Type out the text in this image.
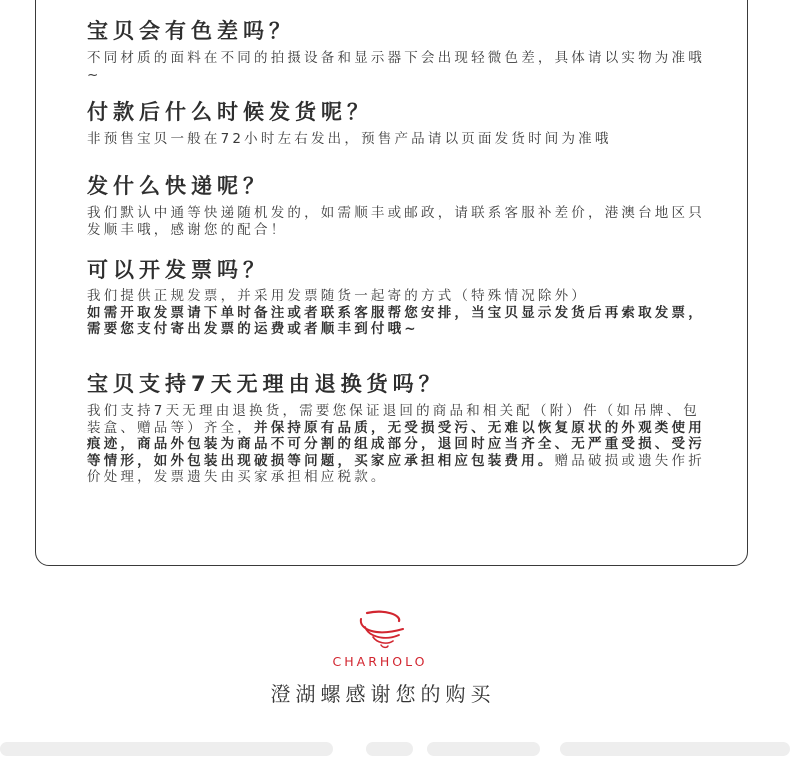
宝贝会有色差吗？

不同材质的面料在不同的拍摄设备和显示器下会出现轻微色差，具体请以实物为准哦~

付款后什么时候发货呢？

非预售宝贝一般在72小时左右发出，预售产品请以页面发货时间为准哦

发什么快递呢？

我们默认中通等快递随机发的，如需顺丰或邮政，请联系客服补差价，港澳台地区只发顺丰哦，感谢您的配合！

可以开发票吗？

我们提供正规发票，并采用发票随货一起寄的方式（特殊情况除外）
如需开取发票请下单时备注或者联系客服帮您安排，当宝贝显示发货后再索取发票，需要您支付寄出发票的运费或者顺丰到付哦~

宝贝支持7天无理由退换货吗？

我们支持7天无理由退换货，需要您保证退回的商品和相关配（附）件（如吊牌、包装盒、赠品等）齐全，并保持原有品质，无受损受污、无难以恢复原状的外观类使用痕迹，商品外包装为商品不可分割的组成部分，退回时应当齐全、无严重受损、受污等情形，如外包装出现破损等问题，买家应承担相应包装费用。赠品破损或遗失作折价处理，发票遗失由买家承担相应税款。

CHARHOLO

澄湖螺感谢您的购买
